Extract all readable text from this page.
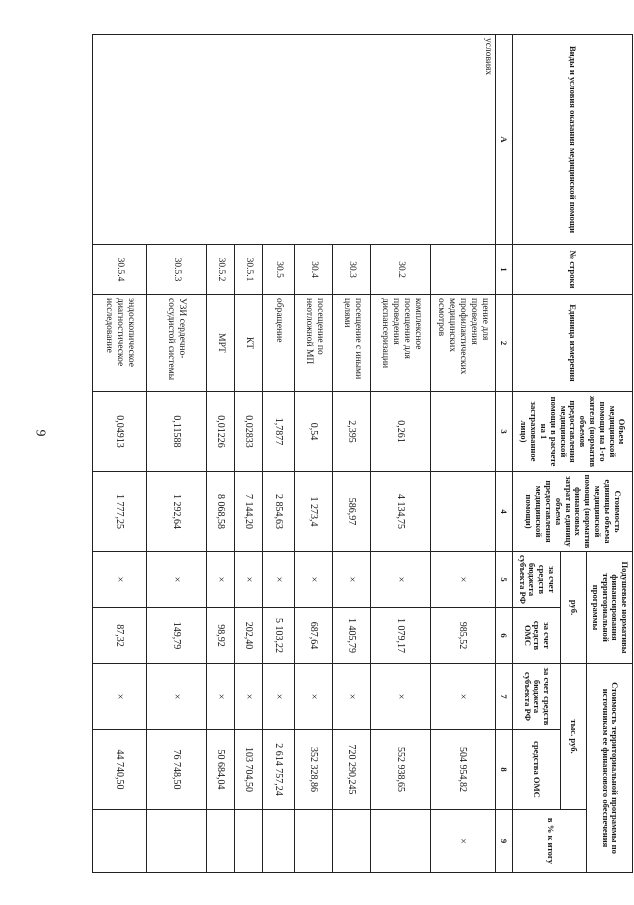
9
Виды и условия оказания медицинской помощи	№ строки	Единица измерения	Объем медицинской помощи на 1-го жителя (норматив объемов предоставления медицинской помощи в расчете на 1 застрахованное лицо)	Стоимость единицы объема медицинской помощи (норматив финансовых затрат на единицу объема предоставления медицинской помощи)	Подушевые нормативы финансирования территориальной программы		Стоимость территориальной программы по источникам ее финансового обеспечения		
					руб.		тыс. руб.		в % к итогу
					за счет средств бюджета субъекта РФ	за счет средств ОМС	за счет средств бюджета субъекта РФ	средства ОМС	
А	1	2	3	4	5	6	7	8	9
условиях		щение для проведения профилактических медицинских осмотров			×	985,52	×	504 954,82	×
	30.2	комплексное посещение для проведения диспансеризации	0,261	4 134,75	×	1 079,17	×	552 938,65	
	30.3	посещение с иными целями	2,395	586,97	×	1 405,79	×	720 290,245	
	30.4	посещение по неотложной МП	0,54	1 273,4	×	687,64	×	352 328,86	
	30.5	обращение	1,7877	2 854,63	×	5 103,22	×	2 614 757,24	
	30.5.1	КТ	0,02833	7 144,20	×	202,40	×	103 704,50	
	30.5.2	МРТ	0,01226	8 068,58	×	98,92	×	50 684,04	
	30.5.3	УЗИ сердечно-сосудистой системы	0,11588	1 292,64	×	149,79	×	76 748,50	
	30.5.4	эндоскопическое диагностическое исследование	0,04913	1 777,25	×	87,32	×	44 740,50	
